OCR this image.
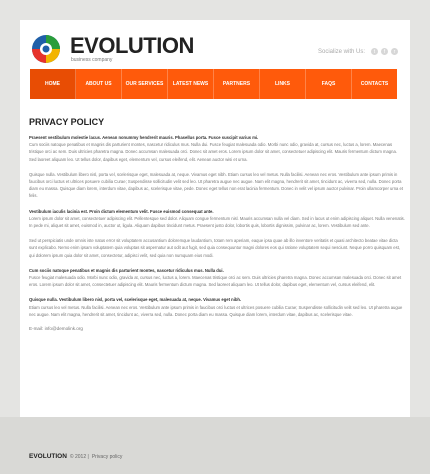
EVOLUTION
business company
Socialize with Us:	t	f	r
PRIVACY POLICY

Praesent vestibulum molestie lacus. Aenean nonummy hendrerit mauris. Phasellus porta. Fusce suscipit varius mi.
Cum sociis natoque penatibus et magnis dis parturient montes, nascetur ridiculus mus. Nulla dui. Fusce feugiat malesuada odio. Morbi nunc odio, gravida at, cursus nec, luctus a, lorem. Maecenas tristique orci ac sem. Duis ultricies pharetra magna. Donec accumsan malesuada orci. Donec sit amet eros. Lorem ipsum dolor sit amet, consectetuer adipiscing elit. Mauris fermentum dictum magna. Sed laoreet aliquam leo. Ut tellus dolor, dapibus eget, elementum vel, cursus eleifend, elit. Aenean auctor wisi et urna.

Quisque nulla. Vestibulum libero nisl, porta vel, scelerisque eget, malesuada at, neque. Vivamus eget nibh. Etiam cursus leo vel metus. Nulla facilisi. Aenean nec eros. Vestibulum ante ipsum primis in faucibus orci luctus et ultrices posuere cubilia Curae; Suspendisse sollicitudin velit sed leo. Ut pharetra augue nec augue. Nam elit magna, hendrerit sit amet, tincidunt ac, viverra sed, nulla. Donec porta diam eu massa. Quisque diam lorem, interdum vitae, dapibus ac, scelerisque vitae, pede. Donec eget tellus non erat lacinia fermentum. Donec in velit vel ipsum auctor pulvinar. Proin ullamcorper urna et felis.

Vestibulum iaculis lacinia est. Proin dictum elementum velit. Fusce euismod consequat ante.
Lorem ipsum dolor sit amet, consectetuer adipiscing elit. Pellentesque sed dolor. Aliquam congue fermentum nisl. Mauris accumsan nulla vel diam. Sed in lacus ut enim adipiscing aliquet. Nulla venenatis. In pede mi, aliquet sit amet, euismod in, auctor ut, ligula. Aliquam dapibus tincidunt metus. Praesent justo dolor, lobortis quis, lobortis dignissim, pulvinar ac, lorem. Vestibulum sed ante.

Sed ut perspiciatis unde omnis iste natus error sit voluptatem accusantium doloremque laudantium, totam rem aperiam, eaque ipsa quae ab illo inventore veritatis et quasi architecto beatae vitae dicta sunt explicabo. Nemo enim ipsam voluptatem quia voluptas sit aspernatur aut odit aut fugit, sed quia consequuntur magni dolores eos qui ratione voluptatem sequi nesciunt. Neque porro quisquam est, qui dolorem ipsum quia dolor sit amet, consectetur, adipisci velit, sed quia non numquam eius modi.

Cum sociis natoque penatibus et magnis dis parturient montes, nascetur ridiculus mus. Nulla dui.
Fusce feugiat malesuada odio. Morbi nunc odio, gravida at, cursus nec, luctus a, lorem. Maecenas tristique orci ac sem. Duis ultricies pharetra magna. Donec accumsan malesuada orci. Donec sit amet eros. Lorem ipsum dolor sit amet, consectetuer adipiscing elit. Mauris fermentum dictum magna. Sed laoreet aliquam leo. Ut tellus dolor, dapibus eget, elementum vel, cursus eleifend, elit.

Quisque nulla. Vestibulum libero nisl, porta vel, scelerisque eget, malesuada at, neque. Vivamus eget nibh.
Etiam cursus leo vel metus. Nulla facilisi. Aenean nec eros. Vestibulum ante ipsum primis in faucibus orci luctus et ultrices posuere cubilia Curae; Suspendisse sollicitudin velit sed leo. Ut pharetra augue nec augue. Nam elit magna, hendrerit sit amet, tincidunt ac, viverra sed, nulla. Donec porta diam eu massa. Quisque diam lorem, interdum vitae, dapibus ac, scelerisque vitae.

E-mail: info@demolink.org
HOME	ABOUT US	OUR SERVICES	LATEST NEWS	PARTNERS	LINKS	FAQS	CONTACTS
EVOLUTION © 2012 | Privacy policy
